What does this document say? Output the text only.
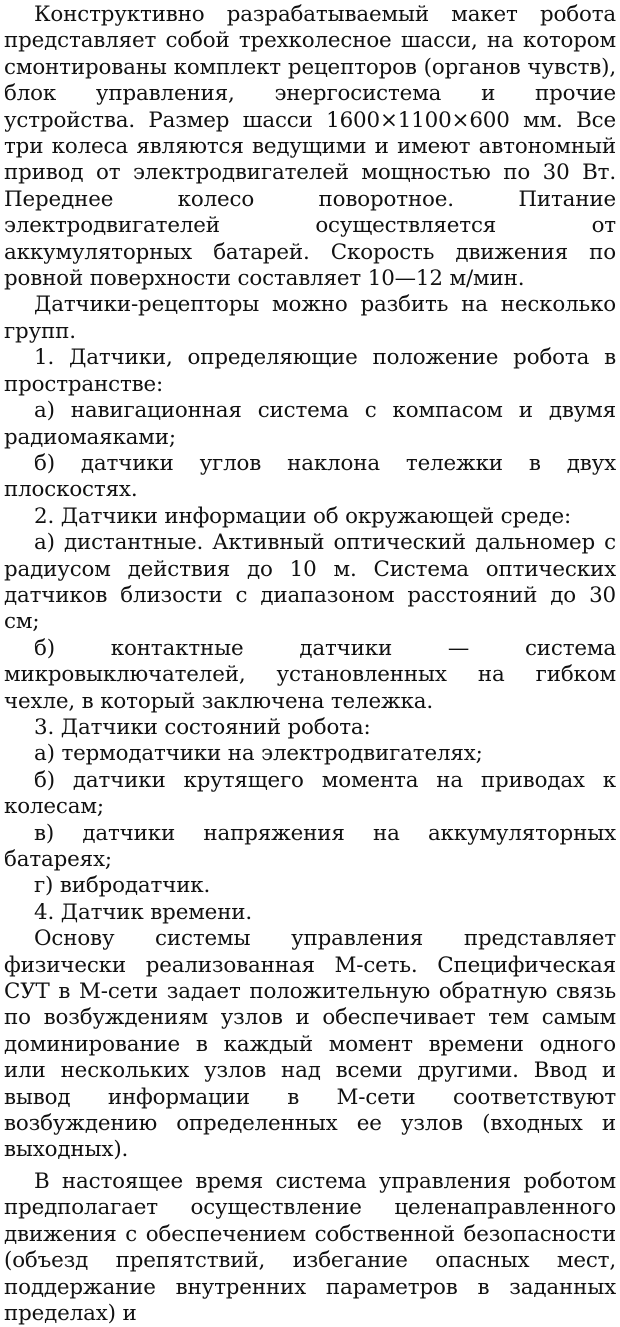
Конструктивно разрабатываемый макет робота представляет собой трехколесное шасси, на котором смонтированы комплект рецепторов (органов чувств), блок управления, энергосистема и прочие устройства. Размер шасси 1600×1100×600 мм. Все три колеса являются ведущими и имеют автономный привод от электродвигателей мощностью по 30 Вт. Переднее колесо поворотное. Питание электродвигателей осуществляется от аккумуляторных батарей. Скорость движения по ровной поверхности составляет 10—12 м/мин.

Датчики-рецепторы можно разбить на несколько групп.

1. Датчики, определяющие положение робота в пространстве:

а) навигационная система с компасом и двумя радиомаяками;

б) датчики углов наклона тележки в двух плоскостях.

2. Датчики информации об окружающей среде:

а) дистантные. Активный оптический дальномер с радиусом действия до 10 м. Система оптических датчиков близости с диапазоном расстояний до 30 см;

б) контактные датчики — система микровыключателей, установленных на гибком чехле, в который заключена тележка.

3. Датчики состояний робота:

а) термодатчики на электродвигателях;

б) датчики крутящего момента на приводах к колесам;

в) датчики напряжения на аккумуляторных батареях;

г) вибродатчик.

4. Датчик времени.

Основу системы управления представляет физически реализованная М-сеть. Специфическая СУТ в М-сети задает положительную обратную связь по возбуждениям узлов и обеспечивает тем самым доминирование в каждый момент времени одного или нескольких узлов над всеми другими. Ввод и вывод информации в М-сети соответствуют возбуждению определенных ее узлов (входных и выходных).

В настоящее время система управления роботом предполагает осуществление целенаправленного движения с обеспечением собственной безопасности (объезд препятствий, избегание опасных мест, поддержание внутренних параметров в заданных пределах) и
